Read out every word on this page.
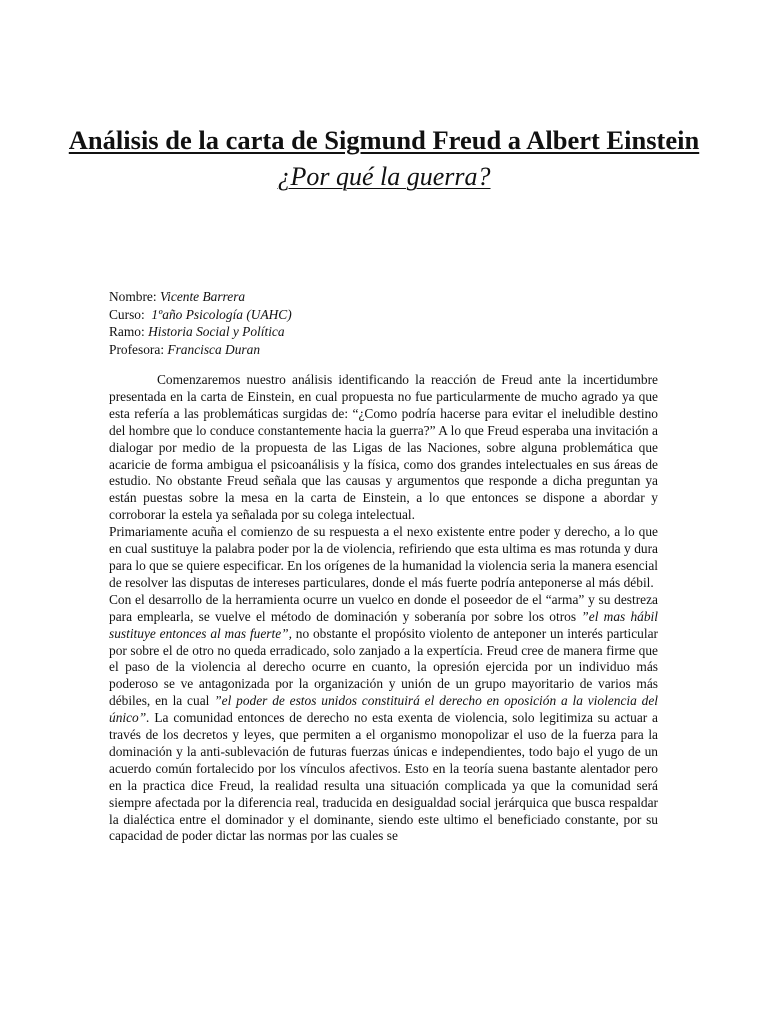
Análisis de la carta de Sigmund Freud a Albert Einstein
¿Por qué la guerra?
Nombre: Vicente Barrera
Curso: 1ºaño Psicología (UAHC)
Ramo: Historia Social y Política
Profesora: Francisca Duran

Comenzaremos nuestro análisis identificando la reacción de Freud ante la incertidumbre presentada en la carta de Einstein, en cual propuesta no fue particularmente de mucho agrado ya que esta refería a las problemáticas surgidas de: “¿Como podría hacerse para evitar el ineludible destino del hombre que lo conduce constantemente hacia la guerra?” A lo que Freud esperaba una invitación a dialogar por medio de la propuesta de las Ligas de las Naciones, sobre alguna problemática que acaricie de forma ambigua el psicoanálisis y la física, como dos grandes intelectuales en sus áreas de estudio. No obstante Freud señala que las causas y argumentos que responde a dicha preguntan ya están puestas sobre la mesa en la carta de Einstein, a lo que entonces se dispone a abordar y corroborar la estela ya señalada por su colega intelectual.

Primariamente acuña el comienzo de su respuesta a el nexo existente entre poder y derecho, a lo que en cual sustituye la palabra poder por la de violencia, refiriendo que esta ultima es mas rotunda y dura para lo que se quiere especificar. En los orígenes de la humanidad la violencia seria la manera esencial de resolver las disputas de intereses particulares, donde el más fuerte podría anteponerse al más débil.

Con el desarrollo de la herramienta ocurre un vuelco en donde el poseedor de el “arma” y su destreza para emplearla, se vuelve el método de dominación y soberanía por sobre los otros ”el mas hábil sustituye entonces al mas fuerte”, no obstante el propósito violento de anteponer un interés particular por sobre el de otro no queda erradicado, solo zanjado a la expertícia. Freud cree de manera firme que el paso de la violencia al derecho ocurre en cuanto, la opresión ejercida por un individuo más poderoso se ve antagonizada por la organización y unión de un grupo mayoritario de varios más débiles, en la cual ”el poder de estos unidos constituirá el derecho en oposición a la violencia del único”. La comunidad entonces de derecho no esta exenta de violencia, solo legitimiza su actuar a través de los decretos y leyes, que permiten a el organismo monopolizar el uso de la fuerza para la dominación y la anti-sublevación de futuras fuerzas únicas e independientes, todo bajo el yugo de un acuerdo común fortalecido por los vínculos afectivos. Esto en la teoría suena bastante alentador pero en la practica dice Freud, la realidad resulta una situación complicada ya que la comunidad será siempre afectada por la diferencia real, traducida en desigualdad social jerárquica que busca respaldar la dialéctica entre el dominador y el dominante, siendo este ultimo el beneficiado constante, por su capacidad de poder dictar las normas por las cuales se
